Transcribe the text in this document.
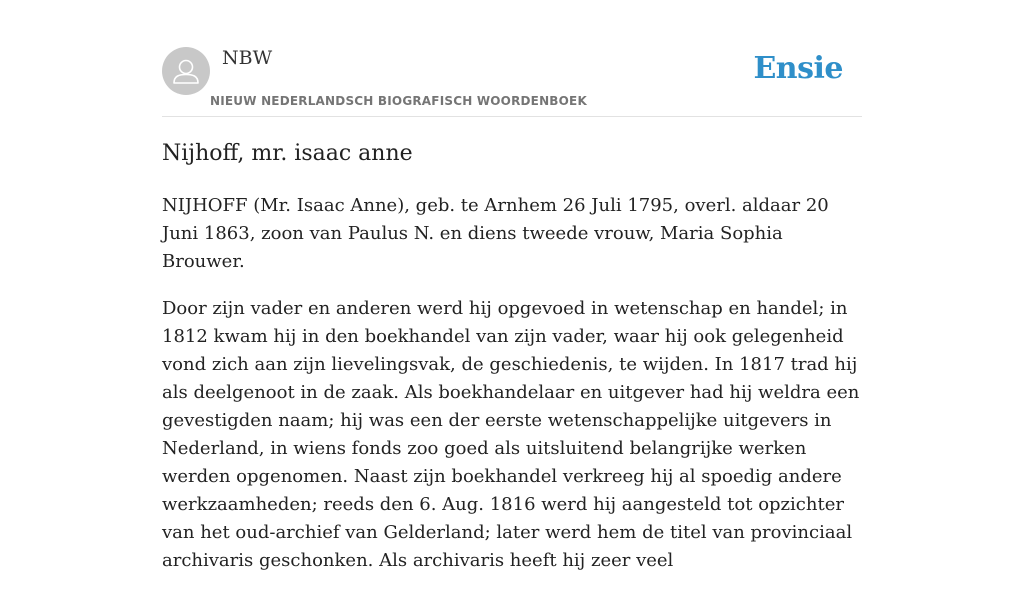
NBW
NIEUW NEDERLANDSCH BIOGRAFISCH WOORDENBOEK
Ensie
Nijhoff, mr. isaac anne

NIJHOFF (Mr. Isaac Anne), geb. te Arnhem 26 Juli 1795, overl. aldaar 20 Juni 1863, zoon van Paulus N. en diens tweede vrouw, Maria Sophia Brouwer.

Door zijn vader en anderen werd hij opgevoed in wetenschap en handel; in 1812 kwam hij in den boekhandel van zijn vader, waar hij ook gelegenheid vond zich aan zijn lievelingsvak, de geschiedenis, te wijden. In 1817 trad hij als deelgenoot in de zaak. Als boekhandelaar en uitgever had hij weldra een gevestigden naam; hij was een der eerste wetenschappelijke uitgevers in Nederland, in wiens fonds zoo goed als uitsluitend belangrijke werken werden opgenomen. Naast zijn boekhandel verkreeg hij al spoedig andere werkzaamheden; reeds den 6. Aug. 1816 werd hij aangesteld tot opzichter van het oud-archief van Gelderland; later werd hem de titel van provinciaal archivaris geschonken. Als archivaris heeft hij zeer veel
